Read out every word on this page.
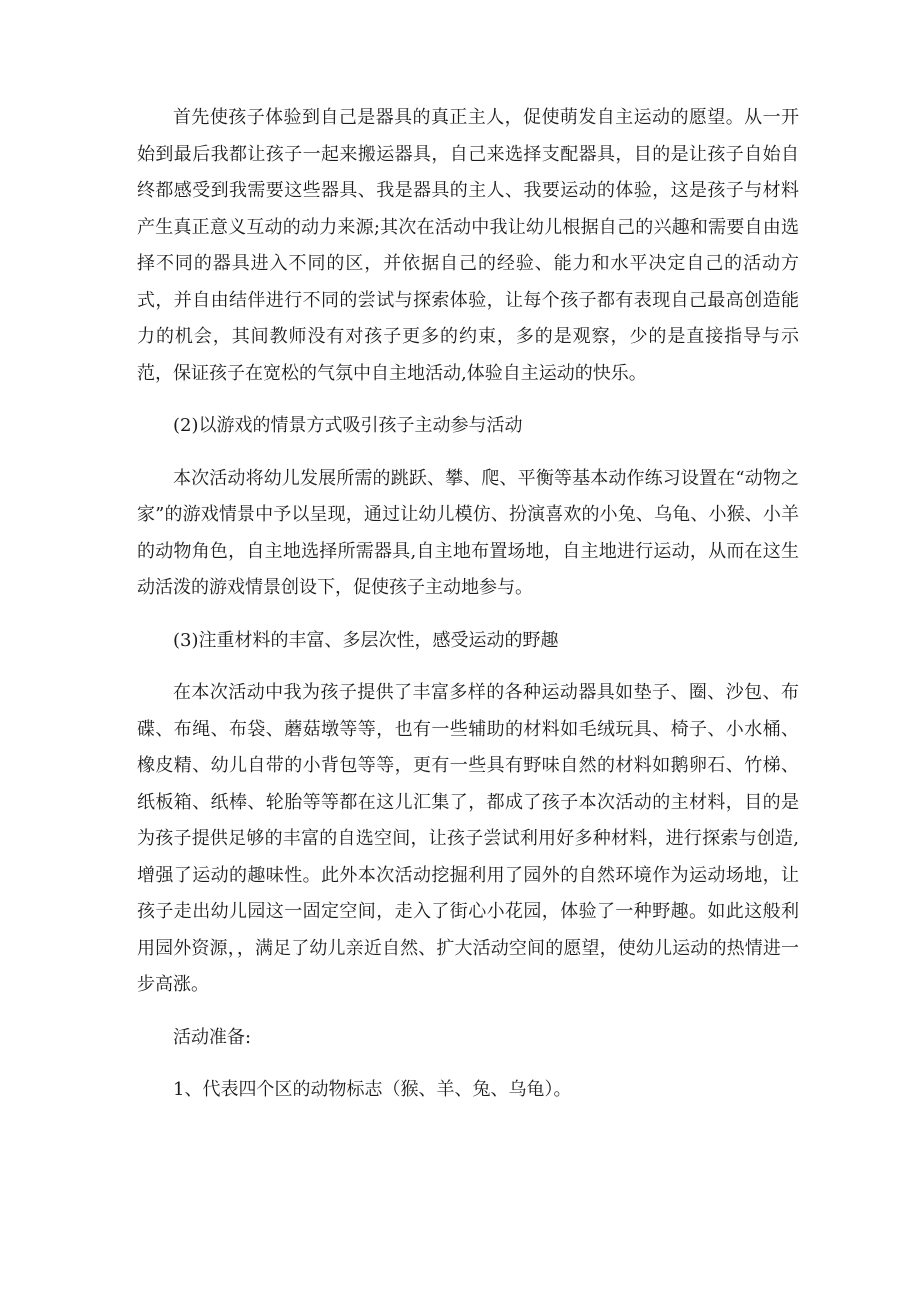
首先使孩子体验到自己是器具的真正主人，促使萌发自主运动的愿望。从一开始到最后我都让孩子一起来搬运器具，自己来选择支配器具，目的是让孩子自始自终都感受到我需要这些器具、我是器具的主人、我要运动的体验，这是孩子与材料产生真正意义互动的动力来源;其次在活动中我让幼儿根据自己的兴趣和需要自由选择不同的器具进入不同的区，并依据自己的经验、能力和水平决定自己的活动方式，并自由结伴进行不同的尝试与探索体验，让每个孩子都有表现自己最高创造能力的机会，其间教师没有对孩子更多的约束，多的是观察，少的是直接指导与示范，保证孩子在宽松的气氛中自主地活动,体验自主运动的快乐。

(2)以游戏的情景方式吸引孩子主动参与活动

本次活动将幼儿发展所需的跳跃、攀、爬、平衡等基本动作练习设置在“动物之家”的游戏情景中予以呈现，通过让幼儿模仿、扮演喜欢的小兔、乌龟、小猴、小羊的动物角色，自主地选择所需器具,自主地布置场地，自主地进行运动，从而在这生动活泼的游戏情景创设下，促使孩子主动地参与。

(3)注重材料的丰富、多层次性，感受运动的野趣

在本次活动中我为孩子提供了丰富多样的各种运动器具如垫子、圈、沙包、布碟、布绳、布袋、蘑菇墩等等，也有一些辅助的材料如毛绒玩具、椅子、小水桶、橡皮精、幼儿自带的小背包等等，更有一些具有野味自然的材料如鹅卵石、竹梯、纸板箱、纸棒、轮胎等等都在这儿汇集了，都成了孩子本次活动的主材料，目的是为孩子提供足够的丰富的自选空间，让孩子尝试利用好多种材料，进行探索与创造,增强了运动的趣味性。此外本次活动挖掘利用了园外的自然环境作为运动场地，让孩子走出幼儿园这一固定空间，走入了街心小花园，体验了一种野趣。如此这般利用园外资源，，满足了幼儿亲近自然、扩大活动空间的愿望，使幼儿运动的热情进一步高涨。

活动准备:

1、代表四个区的动物标志（猴、羊、兔、乌龟）。
